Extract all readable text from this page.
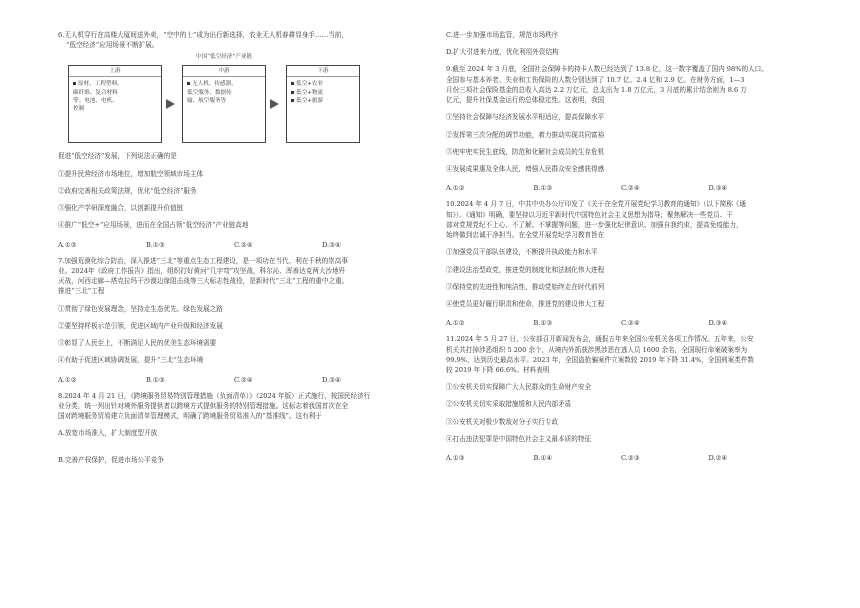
6.无人机穿行在高楼大厦间送外卖，“空中的士”成为出行新选择，农业无人机春耕显身手……当前，

“低空经济”应用场景不断扩展。

中国“低空经济”产业链
上游
原材、工程塑料、
碳纤维、复合材料
等；电池、电机、
控制
中游
无人机、传感器、
低空服务、数据传
输、航空服务等
下游
低空+农业
低空+物流
低空+旅游

促进“低空经济”发展，下列说法正确的是

①提升民营经济市场地位，增加航空领域市场主体

②政府完善相关政策法规，优化“低空经济”服务

③强化产学研深度融合，以创新提升价值链

④推广“低空+”应用场景，进而在全国占领“低空经济”产业链高地

A.①②	B.①③	C.②④	D.③④

7.加强荒漠化综合防治，深入推进“三北”等重点生态工程建设，是一项功在当代、利在千秋的崇高事

业。2024年《政府工作报告》指出，组织打好黄河“几字弯”攻坚战，科尔沁、浑善达克两大沙地歼

灭战，河西走廊—塔克拉玛干沙漠边缘阻击战等三大标志性战役，是新时代“三北”工程的重中之重。

推进“三北”工程

①贯彻了绿色发展理念，坚持走生态优先、绿色发展之路

②要坚持样板示范引领，促进区域内产业升级和经济发展

③彰显了人民至上，不断满足人民的优美生态环境需要

④有助于促进区域协调发展，提升“三北”生态环境

A.①②	B.①③	C.②④	D.③④

8.2024 年 4 月 21 日，《跨境服务贸易特别管理措施（负面清单）》（2024 年版）正式施行，按国民经济行

业分类，统一列出针对境外服务提供者以跨境方式提供服务的特别管理措施。这标志着我国首次在全

国对跨境服务贸易建立负面清单管理模式，明确了跨境服务贸易准入的“基准线”。这有利于

A.放宽市场准入，扩大制度型开放

B.完善产权保护，促进市场公平竞争

C.进一步加强市场监管，规范市场秩序

D.扩大引进来力度，优化利用外资结构

9.截至 2024 年 3 月底，全国社会保障卡的持卡人数已经达到了 13.8 亿，这一数字覆盖了国内 98%的人口。

全国参与基本养老、失业和工伤保险的人数分别达到了 10.7 亿、2.4 亿和 2.9 亿。在财务方面，1—3

月份三项社会保险基金的总收入高达 2.2 万亿元，总支出为 1.8 万亿元，3 月底的累计结余则为 8.6 万

亿元，提升社保基金运行的总体稳定性。这表明，我国

①坚持社会保障与经济发展水平相适应，提高保障水平

②发挥第三次分配的调节功能，着力推动实现共同富裕

③兜牢兜实民生底线，防范和化解社会成员的生存危机

④发展成果惠及全体人民，增强人民群众安全感获得感

A.①②	B.①③	C.②④	D.③④

10.2024 年 4 月 7 日，中共中央办公厅印发了《关于在全党开展党纪学习教育的通知》（以下简称《通

知》）。《通知》明确，要坚持以习近平新时代中国特色社会主义思想为指导；聚焦解决一些党员、干

部对党规党纪不上心、不了解、不掌握等问题，进一步强化纪律意识、加强自我约束，提高免疫能力，

始终做到忠诚干净担当。在全党开展党纪学习教育旨在

①加强党员干部队伍建设，不断提升执政能力和水平

②建设法治型政党，推进党的制度化和法制化伟大进程

③保持党的先进性和纯洁性，推动党始终走在时代前列

④使党员更好履行职责和使命，推进党的建设伟大工程

A.①②	B.①③	C.②④	D.③④

11.2024 年 5 月 27 日，公安部召开新闻发布会，通报五年来全国公安机关各项工作情况。五年来，公安

机关共打掉涉恶组织 5 200 余个，从境内外抓获涉黑涉恶在逃人员 1600 余名，全国现行命案破案率为

99.9%，达到历史最高水平。2023 年，全国盗抢骗案件立案数较 2019 年下降 31.4%，全国刑案类件数

较 2019 年下降 66.6%。材料表明

①公安机关切实保障广大人民群众的生命财产安全

②公安机关切实采取措施缓和人民内部矛盾

③公安机关对极少数敌对分子实行专政

④打击违法犯罪是中国特色社会主义最本质的特征

A.①③	B.①④	C.②③	D.②④
